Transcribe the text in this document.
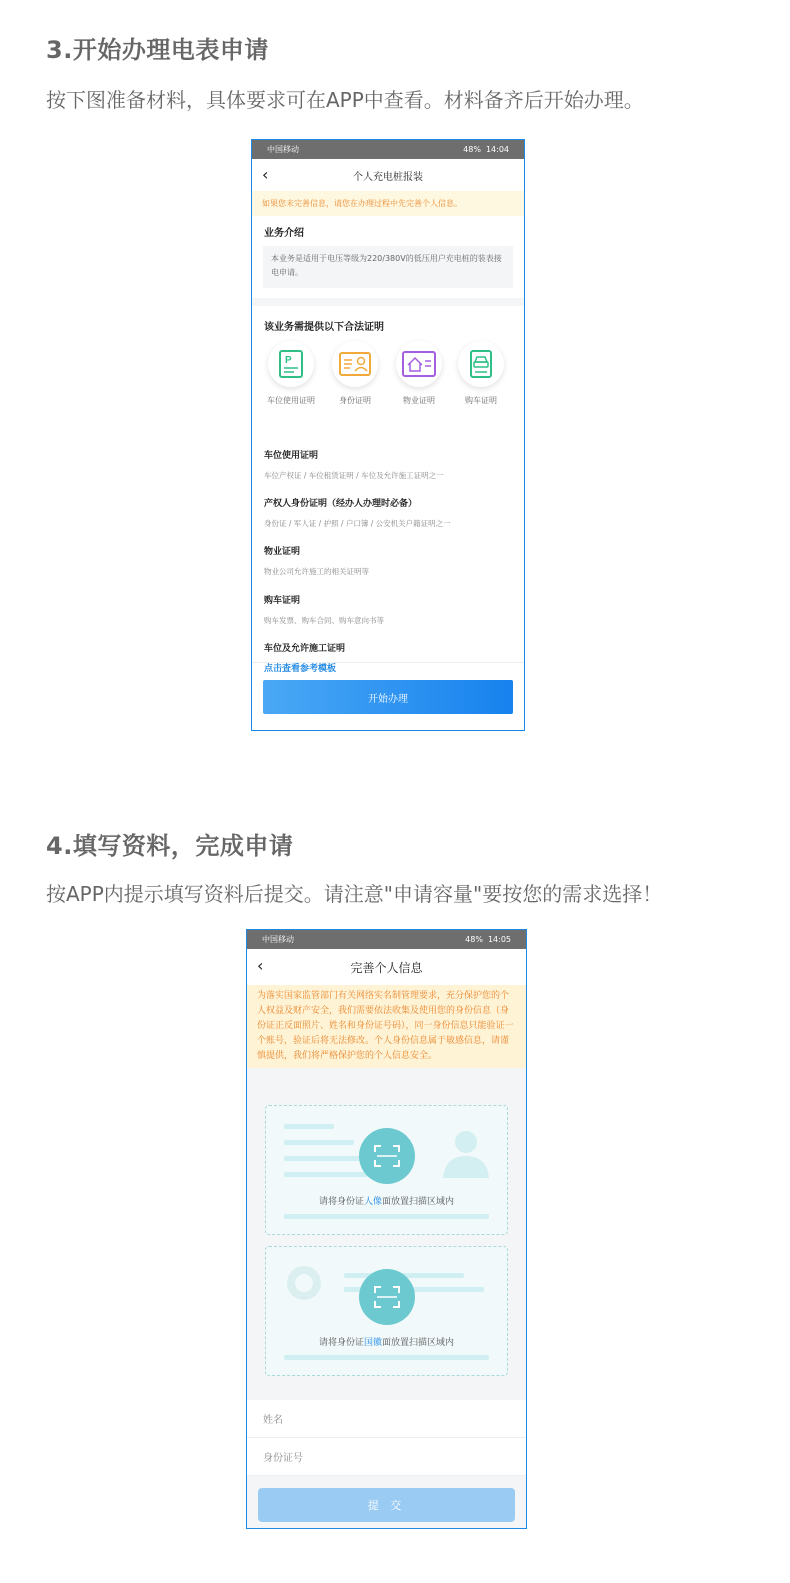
3.开始办理电表申请
按下图准备材料，具体要求可在APP中查看。材料备齐后开始办理。
中国移动	48% 14:04
‹	个人充电桩报装
如果您未完善信息，请您在办理过程中先完善个人信息。
业务介绍
本业务是适用于电压等级为220/380V的低压用户充电桩的装表接电申请。
该业务需提供以下合法证明
P
车位使用证明	身份证明	物业证明	购车证明
车位使用证明
车位产权证 / 车位租赁证明 / 车位及允许施工证明之一
产权人身份证明（经办人办理时必备）
身份证 / 军人证 / 护照 / 户口簿 / 公安机关户籍证明之一
物业证明
物业公司允许施工的相关证明等
购车证明
购车发票、购车合同、购车意向书等
车位及允许施工证明
点击查看参考模板
开始办理
4.填写资料，完成申请
按APP内提示填写资料后提交。请注意"申请容量"要按您的需求选择！
中国移动	48% 14:05
‹	完善个人信息
为落实国家监管部门有关网络实名制管理要求，充分保护您的个人权益及财产安全，我们需要依法收集及使用您的身份信息（身份证正反面照片、姓名和身份证号码），同一身份信息只能验证一个账号，验证后将无法修改。个人身份信息属于敏感信息，请谨慎提供，我们将严格保护您的个人信息安全。
请将身份证人像面放置扫描区域内
请将身份证国徽面放置扫描区域内
姓名
身份证号
提 交
